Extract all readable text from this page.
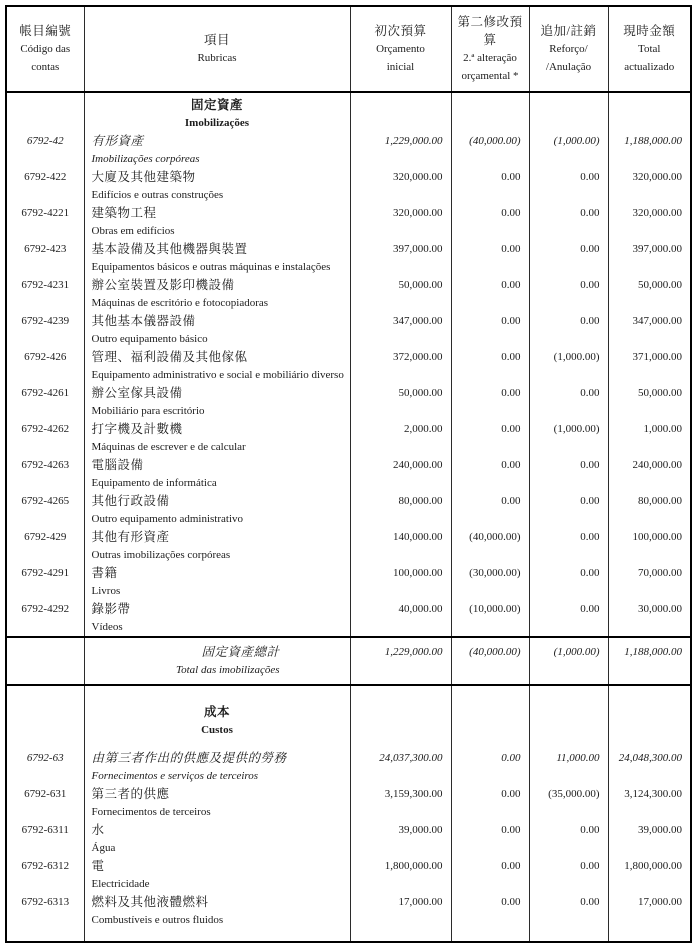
帳目編號
Código das
contas

項目
Rubricas

初次預算
Orçamento
inicial

第二修改預算
2.ª alteração
orçamental *

追加/註銷
Reforço/
/Anulação

現時金額
Total
actualizado

	固定資產
Imobilizações				

6792-42	有形資產
Imobilizações corpóreas	1,229,000.00	(40,000.00)	(1,000.00)	1,188,000.00
6792-422	大廈及其他建築物
Edifícios e outras construções	320,000.00	0.00	0.00	320,000.00
6792-4221	建築物工程
Obras em edifícios	320,000.00	0.00	0.00	320,000.00
6792-423	基本設備及其他機器與裝置
Equipamentos básicos e outras máquinas e instalações	397,000.00	0.00	0.00	397,000.00
6792-4231	辦公室裝置及影印機設備
Máquinas de escritório e fotocopiadoras	50,000.00	0.00	0.00	50,000.00
6792-4239	其他基本儀器設備
Outro equipamento básico	347,000.00	0.00	0.00	347,000.00
6792-426	管理、福利設備及其他傢俬
Equipamento administrativo e social e mobiliário diverso	372,000.00	0.00	(1,000.00)	371,000.00
6792-4261	辦公室傢具設備
Mobiliário para escritório	50,000.00	0.00	0.00	50,000.00
6792-4262	打字機及計數機
Máquinas de escrever e de calcular	2,000.00	0.00	(1,000.00)	1,000.00
6792-4263	電腦設備
Equipamento de informática	240,000.00	0.00	0.00	240,000.00
6792-4265	其他行政設備
Outro equipamento administrativo	80,000.00	0.00	0.00	80,000.00
6792-429	其他有形資產
Outras imobilizações corpóreas	140,000.00	(40,000.00)	0.00	100,000.00
6792-4291	書籍
Livros	100,000.00	(30,000.00)	0.00	70,000.00
6792-4292	錄影帶
Vídeos	40,000.00	(10,000.00)	0.00	30,000.00

	固定資產總計
Total das imobilizações	1,229,000.00	(40,000.00)	(1,000.00)	1,188,000.00

	成本
Custos				

6792-63	由第三者作出的供應及提供的勞務
Fornecimentos e serviços de terceiros	24,037,300.00	0.00	11,000.00	24,048,300.00
6792-631	第三者的供應
Fornecimentos de terceiros	3,159,300.00	0.00	(35,000.00)	3,124,300.00
6792-6311	水
Água	39,000.00	0.00	0.00	39,000.00
6792-6312	電
Electricidade	1,800,000.00	0.00	0.00	1,800,000.00
6792-6313	燃料及其他液體燃料
Combustíveis e outros fluidos	17,000.00	0.00	0.00	17,000.00
